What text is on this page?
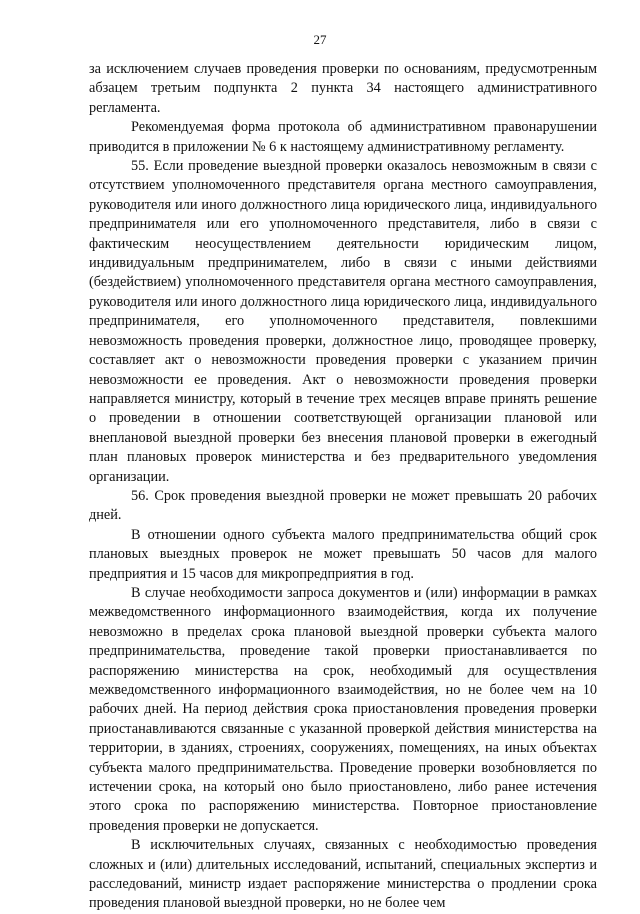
27

за исключением случаев проведения проверки по основаниям, предусмотренным абзацем третьим подпункта 2 пункта 34 настоящего административного регламента.

Рекомендуемая форма протокола об административном правонарушении приводится в приложении № 6 к настоящему административному регламенту.

55. Если проведение выездной проверки оказалось невозможным в связи с отсутствием уполномоченного представителя органа местного самоуправления, руководителя или иного должностного лица юридического лица, индивидуального предпринимателя или его уполномоченного представителя, либо в связи с фактическим неосуществлением деятельности юридическим лицом, индивидуальным предпринимателем, либо в связи с иными действиями (бездействием) уполномоченного представителя органа местного самоуправления, руководителя или иного должностного лица юридического лица, индивидуального предпринимателя, его уполномоченного представителя, повлекшими невозможность проведения проверки, должностное лицо, проводящее проверку, составляет акт о невозможности проведения проверки с указанием причин невозможности ее проведения. Акт о невозможности проведения проверки направляется министру, который в течение трех месяцев вправе принять решение о проведении в отношении соответствующей организации плановой или внеплановой выездной проверки без внесения плановой проверки в ежегодный план плановых проверок министерства и без предварительного уведомления организации.

56. Срок проведения выездной проверки не может превышать 20 рабочих дней.

В отношении одного субъекта малого предпринимательства общий срок плановых выездных проверок не может превышать 50 часов для малого предприятия и 15 часов для микропредприятия в год.

В случае необходимости запроса документов и (или) информации в рамках межведомственного информационного взаимодействия, когда их получение невозможно в пределах срока плановой выездной проверки субъекта малого предпринимательства, проведение такой проверки приостанавливается по распоряжению министерства на срок, необходимый для осуществления межведомственного информационного взаимодействия, но не более чем на 10 рабочих дней. На период действия срока приостановления проведения проверки приостанавливаются связанные с указанной проверкой действия министерства на территории, в зданиях, строениях, сооружениях, помещениях, на иных объектах субъекта малого предпринимательства. Проведение проверки возобновляется по истечении срока, на который оно было приостановлено, либо ранее истечения этого срока по распоряжению министерства. Повторное приостановление проведения проверки не допускается.

В исключительных случаях, связанных с необходимостью проведения сложных и (или) длительных исследований, испытаний, специальных экспертиз и расследований, министр издает распоряжение министерства о продлении срока проведения плановой выездной проверки, но не более чем
